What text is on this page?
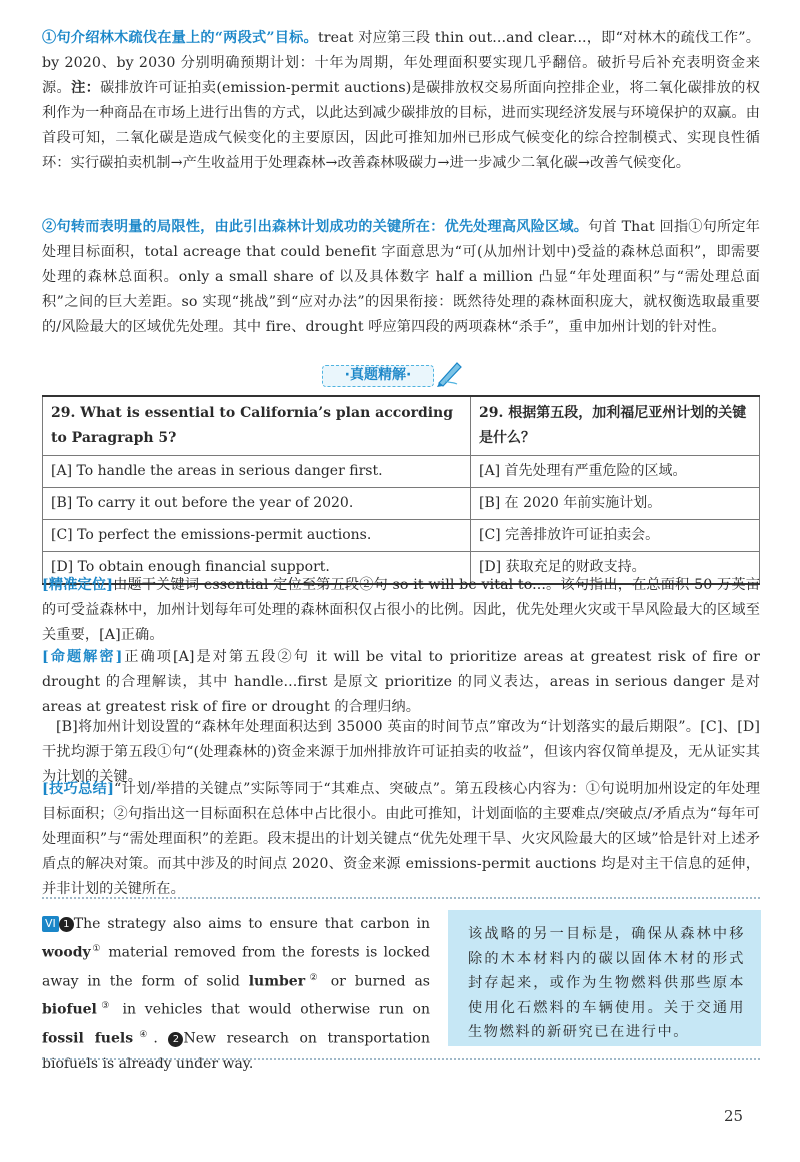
①句介绍林木疏伐在量上的“两段式”目标。treat 对应第三段 thin out...and clear...，即“对林木的疏伐工作”。by 2020、by 2030 分别明确预期计划：十年为周期，年处理面积要实现几乎翻倍。破折号后补充表明资金来源。注：碳排放许可证拍卖(emission-permit auctions)是碳排放权交易所面向控排企业，将二氧化碳排放的权利作为一种商品在市场上进行出售的方式，以此达到减少碳排放的目标，进而实现经济发展与环境保护的双赢。由首段可知，二氧化碳是造成气候变化的主要原因，因此可推知加州已形成气候变化的综合控制模式、实现良性循环：实行碳拍卖机制→产生收益用于处理森林→改善森林吸碳力→进一步减少二氧化碳→改善气候变化。
②句转而表明量的局限性，由此引出森林计划成功的关键所在：优先处理高风险区域。句首 That 回指①句所定年处理目标面积，total acreage that could benefit 字面意思为“可(从加州计划中)受益的森林总面积”，即需要处理的森林总面积。only a small share of 以及具体数字 half a million 凸显“年处理面积”与“需处理总面积”之间的巨大差距。so 实现“挑战”到“应对办法”的因果衔接：既然待处理的森林面积庞大，就权衡选取最重要的/风险最大的区域优先处理。其中 fire、drought 呼应第四段的两项森林“杀手”，重申加州计划的针对性。
·真题精解·
29. What is essential to California’s plan according to Paragraph 5?	29. 根据第五段，加利福尼亚州计划的关键是什么？
[A] To handle the areas in serious danger first.	[A] 首先处理有严重危险的区域。
[B] To carry it out before the year of 2020.	[B] 在 2020 年前实施计划。
[C] To perfect the emissions-permit auctions.	[C] 完善排放许可证拍卖会。
[D] To obtain enough financial support.	[D] 获取充足的财政支持。
[精准定位]由题干关键词 essential 定位至第五段②句 so it will be vital to...。该句指出，在总面积 50 万英亩的可受益森林中，加州计划每年可处理的森林面积仅占很小的比例。因此，优先处理火灾或干旱风险最大的区域至关重要，[A]正确。
[命题解密]正确项[A]是对第五段②句 it will be vital to prioritize areas at greatest risk of fire or drought 的合理解读，其中 handle...first 是原文 prioritize 的同义表达，areas in serious danger 是对 areas at greatest risk of fire or drought 的合理归纳。
[B]将加州计划设置的“森林年处理面积达到 35000 英亩的时间节点”窜改为“计划落实的最后期限”。[C]、[D]干扰均源于第五段①句“(处理森林的)资金来源于加州排放许可证拍卖的收益”，但该内容仅简单提及，无从证实其为计划的关键。
[技巧总结]“计划/举措的关键点”实际等同于“其难点、突破点”。第五段核心内容为：①句说明加州设定的年处理目标面积；②句指出这一目标面积在总体中占比很小。由此可推知，计划面临的主要难点/突破点/矛盾点为“每年可处理面积”与“需处理面积”的差距。段末提出的计划关键点“优先处理干旱、火灾风险最大的区域”恰是针对上述矛盾点的解决对策。而其中涉及的时间点 2020、资金来源 emissions-permit auctions 均是对主干信息的延伸，并非计划的关键所在。
VI 1 The strategy also aims to ensure that carbon in woody① material removed from the forests is locked away in the form of solid lumber② or burned as biofuel③ in vehicles that would otherwise run on fossil fuels④. 2 New research on transportation biofuels is already under way.
该战略的另一目标是，确保从森林中移除的木本材料内的碳以固体木材的形式封存起来，或作为生物燃料供那些原本使用化石燃料的车辆使用。关于交通用生物燃料的新研究已在进行中。
25
